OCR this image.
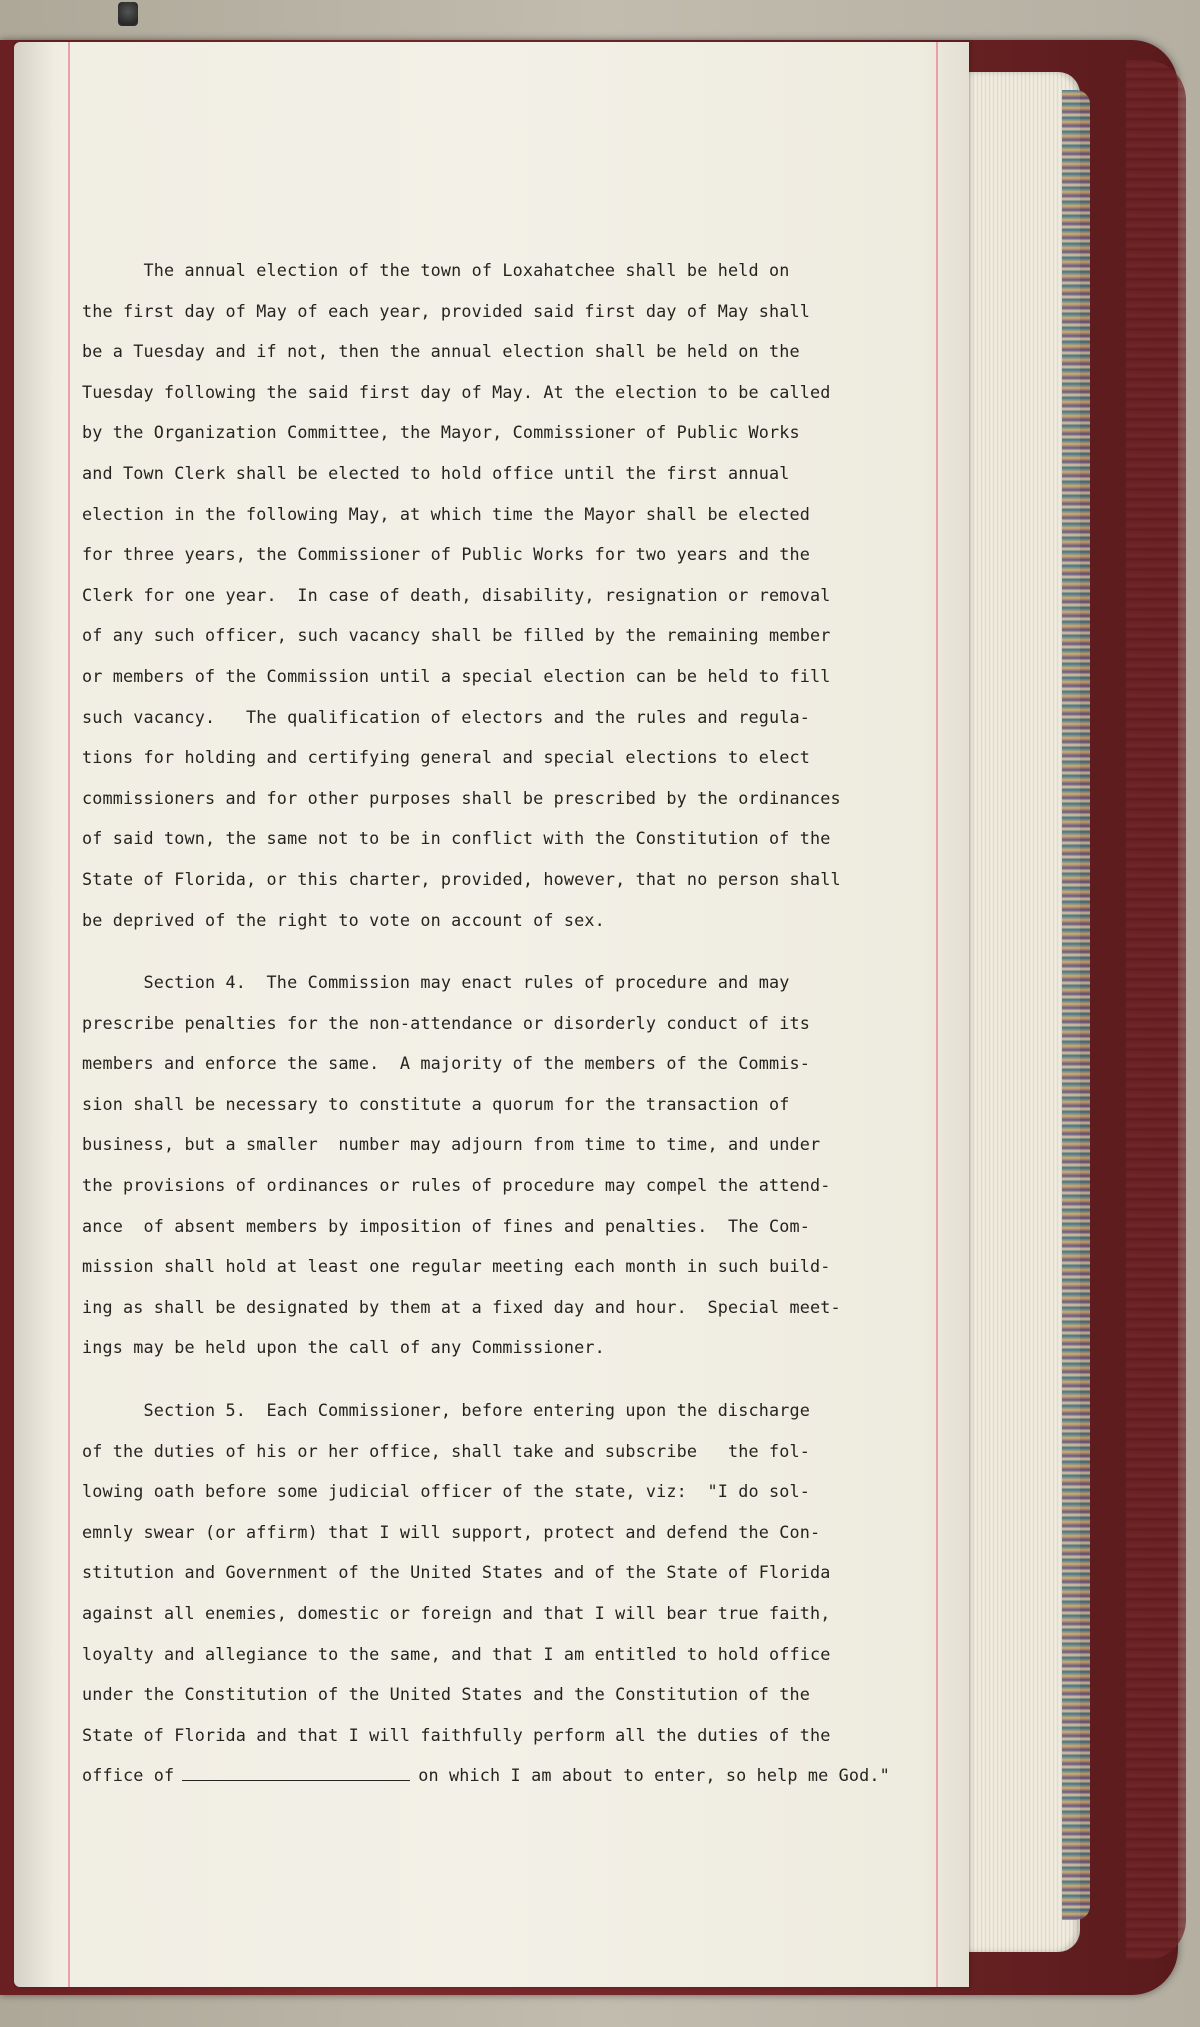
The annual election of the town of Loxahatchee shall be held on
the first day of May of each year, provided said first day of May shall
be a Tuesday and if not, then the annual election shall be held on the
Tuesday following the said first day of May. At the election to be called
by the Organization Committee, the Mayor, Commissioner of Public Works
and Town Clerk shall be elected to hold office until the first annual
election in the following May, at which time the Mayor shall be elected
for three years, the Commissioner of Public Works for two years and the
Clerk for one year.  In case of death, disability, resignation or removal
of any such officer, such vacancy shall be filled by the remaining member
or members of the Commission until a special election can be held to fill
such vacancy.   The qualification of electors and the rules and regula-
tions for holding and certifying general and special elections to elect
commissioners and for other purposes shall be prescribed by the ordinances
of said town, the same not to be in conflict with the Constitution of the
State of Florida, or this charter, provided, however, that no person shall
be deprived of the right to vote on account of sex.
Section 4.  The Commission may enact rules of procedure and may
prescribe penalties for the non-attendance or disorderly conduct of its
members and enforce the same.  A majority of the members of the Commis-
sion shall be necessary to constitute a quorum for the transaction of
business, but a smaller  number may adjourn from time to time, and under
the provisions of ordinances or rules of procedure may compel the attend-
ance  of absent members by imposition of fines and penalties.  The Com-
mission shall hold at least one regular meeting each month in such build-
ing as shall be designated by them at a fixed day and hour.  Special meet-
ings may be held upon the call of any Commissioner.
Section 5.  Each Commissioner, before entering upon the discharge
of the duties of his or her office, shall take and subscribe   the fol-
lowing oath before some judicial officer of the state, viz:  "I do sol-
emnly swear (or affirm) that I will support, protect and defend the Con-
stitution and Government of the United States and of the State of Florida
against all enemies, domestic or foreign and that I will bear true faith,
loyalty and allegiance to the same, and that I am entitled to hold office
under the Constitution of the United States and the Constitution of the
State of Florida and that I will faithfully perform all the duties of the
office of	on which I am about to enter, so help me God."
